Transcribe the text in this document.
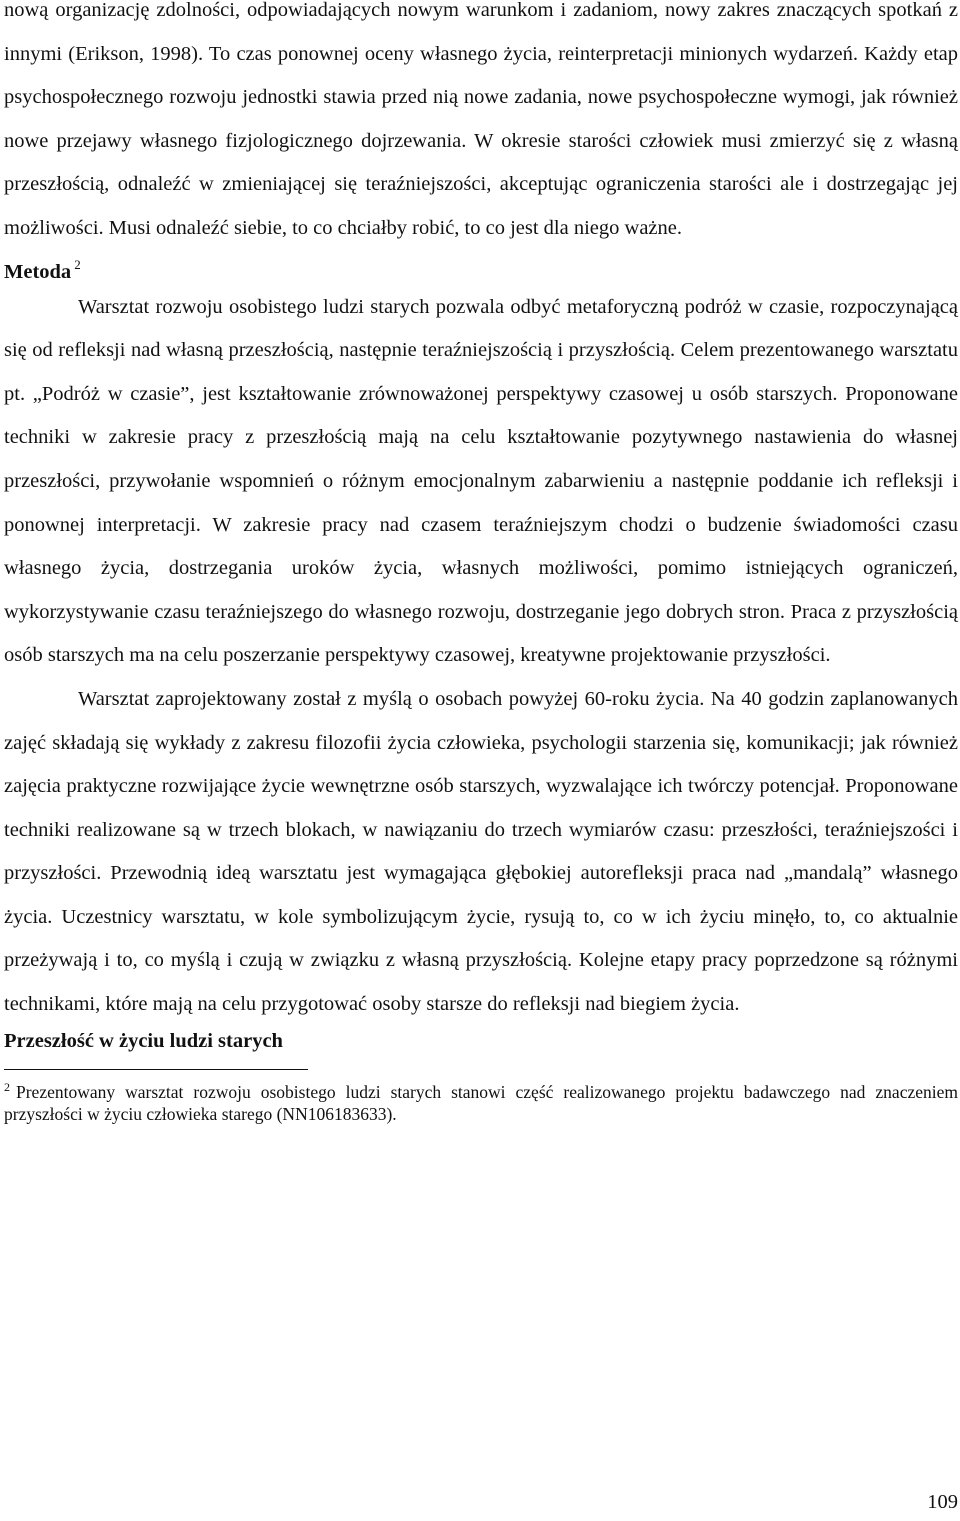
nową organizację zdolności, odpowiadających nowym warunkom i zadaniom, nowy zakres znaczących spotkań z innymi (Erikson, 1998). To czas ponownej oceny własnego życia, reinterpretacji minionych wydarzeń. Każdy etap psychospołecznego rozwoju jednostki stawia przed nią nowe zadania, nowe psychospołeczne wymogi, jak również nowe przejawy własnego fizjologicznego dojrzewania. W okresie starości człowiek musi zmierzyć się z własną przeszłością, odnaleźć w zmieniającej się teraźniejszości, akceptując ograniczenia starości ale i dostrzegając jej możliwości. Musi odnaleźć siebie, to co chciałby robić, to co jest dla niego ważne.

Metoda $^2$

Warsztat rozwoju osobistego ludzi starych pozwala odbyć metaforyczną podróż w czasie, rozpoczynającą się od refleksji nad własną przeszłością, następnie teraźniejszością i przyszłością. Celem prezentowanego warsztatu pt. „Podróż w czasie”, jest kształtowanie zrównoważonej perspektywy czasowej u osób starszych. Proponowane techniki w zakresie pracy z przeszłością mają na celu kształtowanie pozytywnego nastawienia do własnej przeszłości, przywołanie wspomnień o różnym emocjonalnym zabarwieniu a następnie poddanie ich refleksji i ponownej interpretacji. W zakresie pracy nad czasem teraźniejszym chodzi o budzenie świadomości czasu własnego życia, dostrzegania uroków życia, własnych możliwości, pomimo istniejących ograniczeń, wykorzystywanie czasu teraźniejszego do własnego rozwoju, dostrzeganie jego dobrych stron. Praca z przyszłością osób starszych ma na celu poszerzanie perspektywy czasowej, kreatywne projektowanie przyszłości.

Warsztat zaprojektowany został z myślą o osobach powyżej 60-roku życia. Na 40 godzin zaplanowanych zajęć składają się wykłady z zakresu filozofii życia człowieka, psychologii starzenia się, komunikacji; jak również zajęcia praktyczne rozwijające życie wewnętrzne osób starszych, wyzwalające ich twórczy potencjał. Proponowane techniki realizowane są w trzech blokach, w nawiązaniu do trzech wymiarów czasu: przeszłości, teraźniejszości i przyszłości. Przewodnią ideą warsztatu jest wymagająca głębokiej autorefleksji praca nad „mandalą” własnego życia. Uczestnicy warsztatu, w kole symbolizującym życie, rysują to, co w ich życiu minęło, to, co aktualnie przeżywają i to, co myślą i czują w związku z własną przyszłością. Kolejne etapy pracy poprzedzone są różnymi technikami, które mają na celu przygotować osoby starsze do refleksji nad biegiem życia.

Przeszłość w życiu ludzi starych

$^2$ Prezentowany warsztat rozwoju osobistego ludzi starych stanowi część realizowanego projektu badawczego nad znaczeniem przyszłości w życiu człowieka starego (NN106183633).

109
